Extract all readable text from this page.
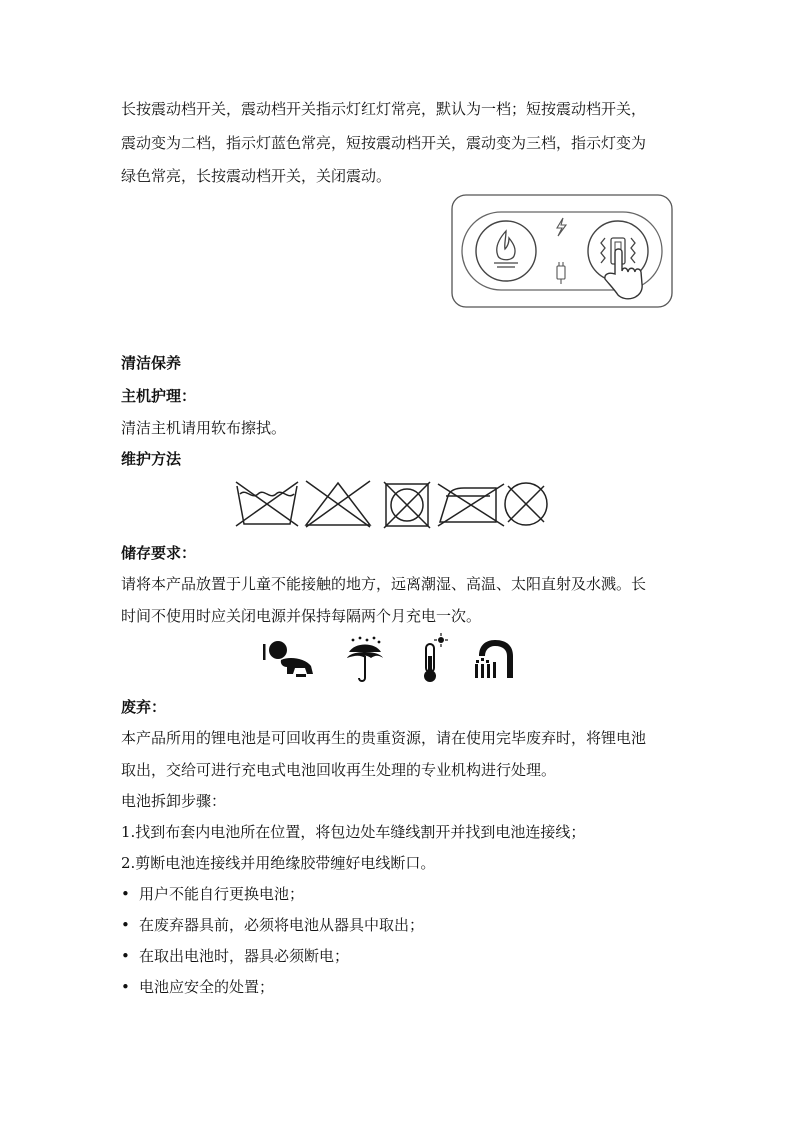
长按震动档开关，震动档开关指示灯红灯常亮，默认为一档；短按震动档开关，
震动变为二档，指示灯蓝色常亮，短按震动档开关，震动变为三档，指示灯变为
绿色常亮，长按震动档开关，关闭震动。
清洁保养
主机护理：
清洁主机请用软布擦拭。
维护方法
储存要求：
请将本产品放置于儿童不能接触的地方，远离潮湿、高温、太阳直射及水溅。长
时间不使用时应关闭电源并保持每隔两个月充电一次。
废弃：
本产品所用的锂电池是可回收再生的贵重资源，请在使用完毕废弃时，将锂电池
取出，交给可进行充电式电池回收再生处理的专业机构进行处理。
电池拆卸步骤：
1.找到布套内电池所在位置，将包边处车缝线割开并找到电池连接线；
2.剪断电池连接线并用绝缘胶带缠好电线断口。
• 用户不能自行更换电池；
• 在废弃器具前，必须将电池从器具中取出；
• 在取出电池时，器具必须断电；
• 电池应安全的处置；
